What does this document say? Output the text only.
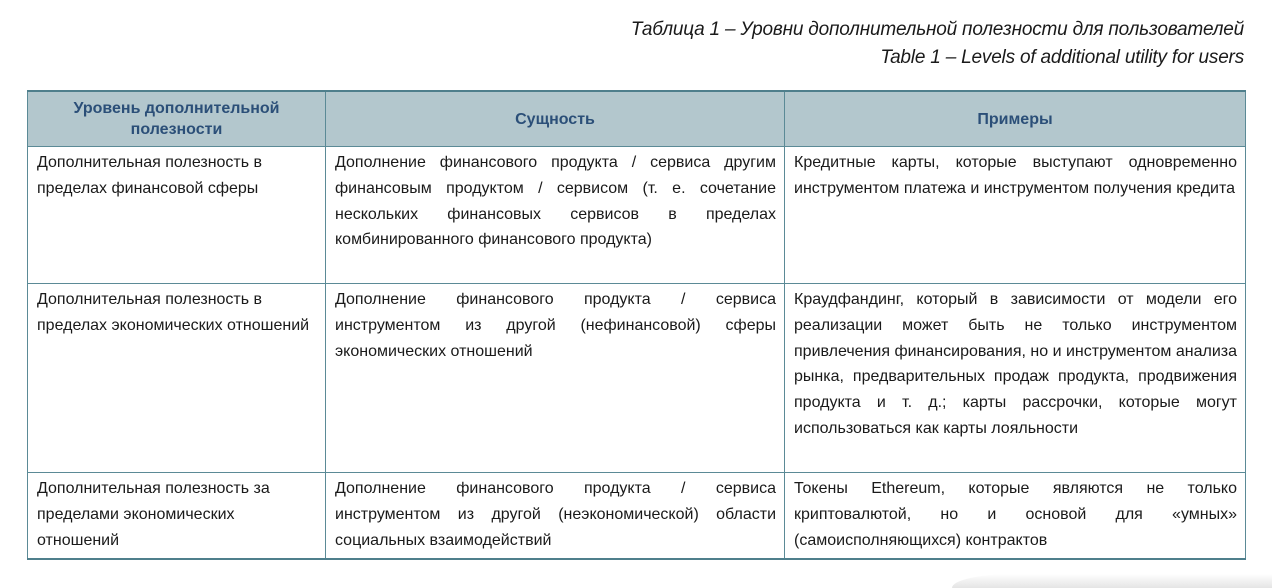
Таблица 1 – Уровни дополнительной полезности для пользователей
Table 1 – Levels of additional utility for users
Уровень дополнительной полезности	Сущность	Примеры
Дополнительная полезность в пределах финансовой сферы	Дополнение финансового продукта / сервиса другим финансовым продуктом / сервисом (т. е. сочетание нескольких финансовых сервисов в пределах комбинированного финансового продукта)	Кредитные карты, которые выступают одновременно инструментом платежа и инструментом получения кредита
Дополнительная полезность в пределах экономических отношений	Дополнение финансового продукта / сервиса инструментом из другой (нефинансовой) сферы экономических отношений	Краудфандинг, который в зависимости от модели его реализации может быть не только инструментом привлечения финансирования, но и инструментом анализа рынка, предварительных продаж продукта, продвижения продукта и т. д.; карты рассрочки, которые могут использоваться как карты лояльности
Дополнительная полезность за пределами экономических отношений	Дополнение финансового продукта / сервиса инструментом из другой (неэкономической) области социальных взаимодействий	Токены Ethereum, которые являются не только криптовалютой, но и основой для «умных» (самоисполняющихся) контрактов
